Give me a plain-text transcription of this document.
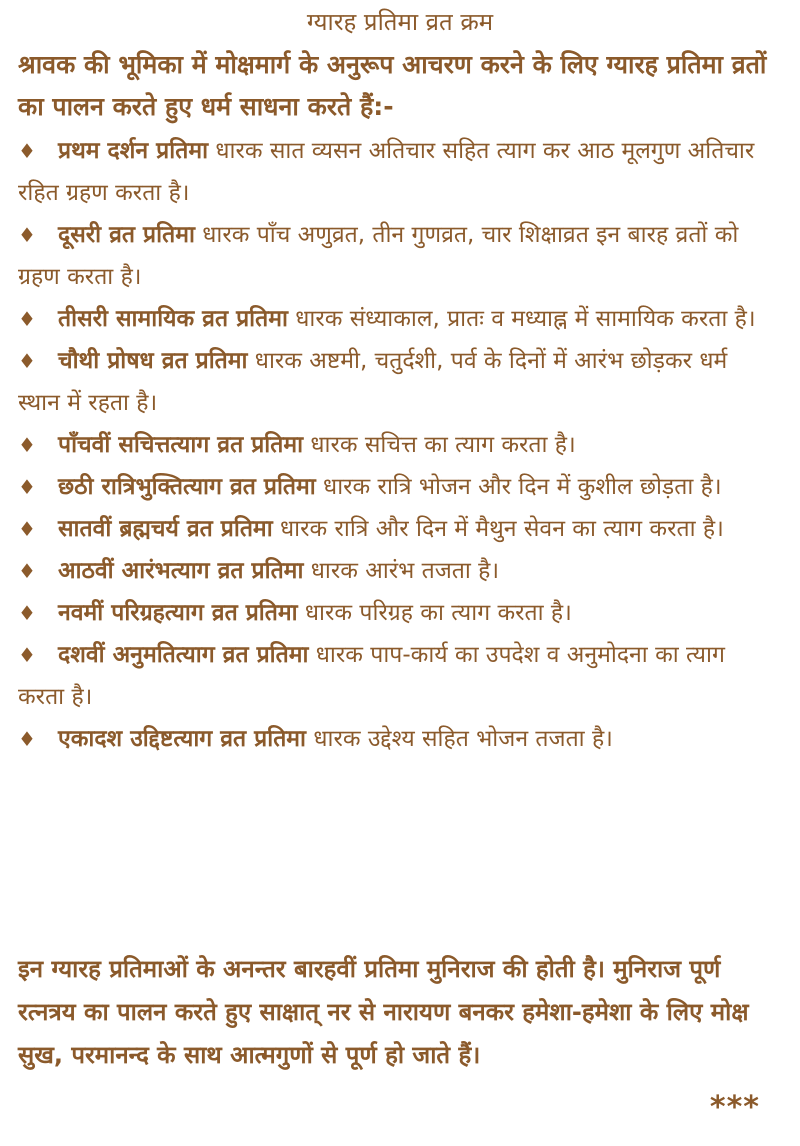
ग्यारह प्रतिमा व्रत क्रम
श्रावक की भूमिका में मोक्षमार्ग के अनुरूप आचरण करने के लिए ग्यारह प्रतिमा व्रतों का पालन करते हुए धर्म साधना करते हैं:-
♦ प्रथम दर्शन प्रतिमा धारक सात व्यसन अतिचार सहित त्याग कर आठ मूलगुण अतिचार रहित ग्रहण करता है।
♦ दूसरी व्रत प्रतिमा धारक पाँच अणुव्रत, तीन गुणव्रत, चार शिक्षाव्रत इन बारह व्रतों को ग्रहण करता है।
♦ तीसरी सामायिक व्रत प्रतिमा धारक संध्याकाल, प्रातः व मध्याह्न में सामायिक करता है।
♦ चौथी प्रोषध व्रत प्रतिमा धारक अष्टमी, चतुर्दशी, पर्व के दिनों में आरंभ छोड़कर धर्म स्थान में रहता है।
♦ पाँचवीं सचित्तत्याग व्रत प्रतिमा धारक सचित्त का त्याग करता है।
♦ छठी रात्रिभुक्तित्याग व्रत प्रतिमा धारक रात्रि भोजन और दिन में कुशील छोड़ता है।
♦ सातवीं ब्रह्मचर्य व्रत प्रतिमा धारक रात्रि और दिन में मैथुन सेवन का त्याग करता है।
♦ आठवीं आरंभत्याग व्रत प्रतिमा धारक आरंभ तजता है।
♦ नवमीं परिग्रहत्याग व्रत प्रतिमा धारक परिग्रह का त्याग करता है।
♦ दशवीं अनुमतित्याग व्रत प्रतिमा धारक पाप-कार्य का उपदेश व अनुमोदना का त्याग करता है।
♦ एकादश उद्दिष्टत्याग व्रत प्रतिमा धारक उद्देश्य सहित भोजन तजता है।
इन ग्यारह प्रतिमाओं के अनन्तर बारहवीं प्रतिमा मुनिराज की होती है। मुनिराज पूर्ण रत्नत्रय का पालन करते हुए साक्षात् नर से नारायण बनकर हमेशा-हमेशा के लिए मोक्ष सुख, परमानन्द के साथ आत्मगुणों से पूर्ण हो जाते हैं।
***
